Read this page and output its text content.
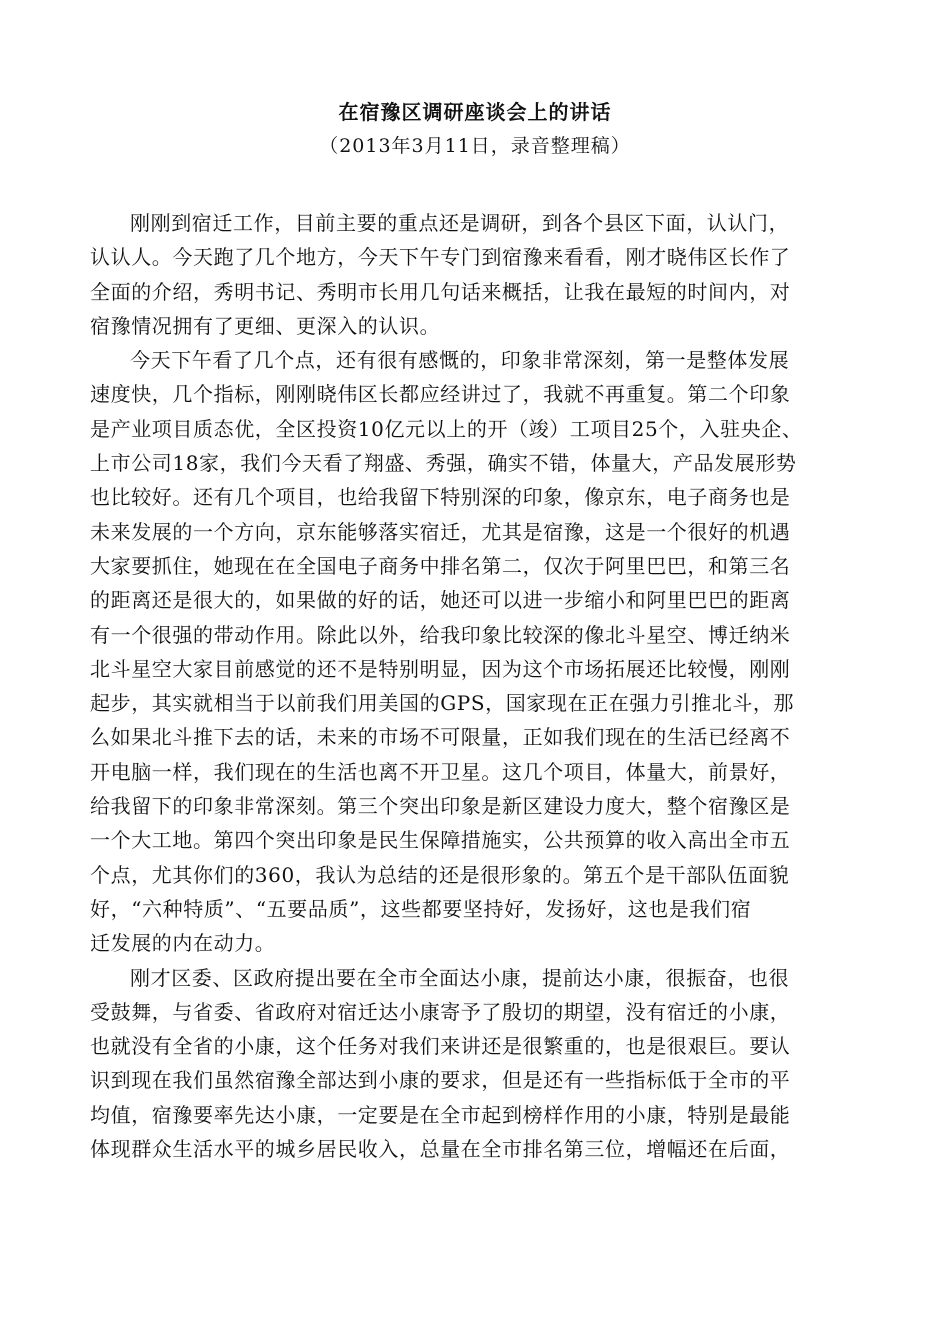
在宿豫区调研座谈会上的讲话
（2013年3月11日，录音整理稿）
刚刚到宿迁工作，目前主要的重点还是调研，到各个县区下面，认认门，
认认人。今天跑了几个地方，今天下午专门到宿豫来看看，刚才晓伟区长作了
全面的介绍，秀明书记、秀明市长用几句话来概括，让我在最短的时间内，对
宿豫情况拥有了更细、更深入的认识。
今天下午看了几个点，还有很有感慨的，印象非常深刻，第一是整体发展
速度快，几个指标，刚刚晓伟区长都应经讲过了，我就不再重复。第二个印象
是产业项目质态优，全区投资10亿元以上的开（竣）工项目25个，入驻央企、
上市公司18家，我们今天看了翔盛、秀强，确实不错，体量大，产品发展形势
也比较好。还有几个项目，也给我留下特别深的印象，像京东，电子商务也是
未来发展的一个方向，京东能够落实宿迁，尤其是宿豫，这是一个很好的机遇
大家要抓住，她现在在全国电子商务中排名第二，仅次于阿里巴巴，和第三名
的距离还是很大的，如果做的好的话，她还可以进一步缩小和阿里巴巴的距离
有一个很强的带动作用。除此以外，给我印象比较深的像北斗星空、博迁纳米
北斗星空大家目前感觉的还不是特别明显，因为这个市场拓展还比较慢，刚刚
起步，其实就相当于以前我们用美国的GPS，国家现在正在强力引推北斗，那
么如果北斗推下去的话，未来的市场不可限量，正如我们现在的生活已经离不
开电脑一样，我们现在的生活也离不开卫星。这几个项目，体量大，前景好，
给我留下的印象非常深刻。第三个突出印象是新区建设力度大，整个宿豫区是
一个大工地。第四个突出印象是民生保障措施实，公共预算的收入高出全市五
个点，尤其你们的360，我认为总结的还是很形象的。第五个是干部队伍面貌
好，“六种特质”、“五要品质”，这些都要坚持好，发扬好，这也是我们宿
迁发展的内在动力。
刚才区委、区政府提出要在全市全面达小康，提前达小康，很振奋，也很
受鼓舞，与省委、省政府对宿迁达小康寄予了殷切的期望，没有宿迁的小康，
也就没有全省的小康，这个任务对我们来讲还是很繁重的，也是很艰巨。要认
识到现在我们虽然宿豫全部达到小康的要求，但是还有一些指标低于全市的平
均值，宿豫要率先达小康，一定要是在全市起到榜样作用的小康，特别是最能
体现群众生活水平的城乡居民收入，总量在全市排名第三位，增幅还在后面，
